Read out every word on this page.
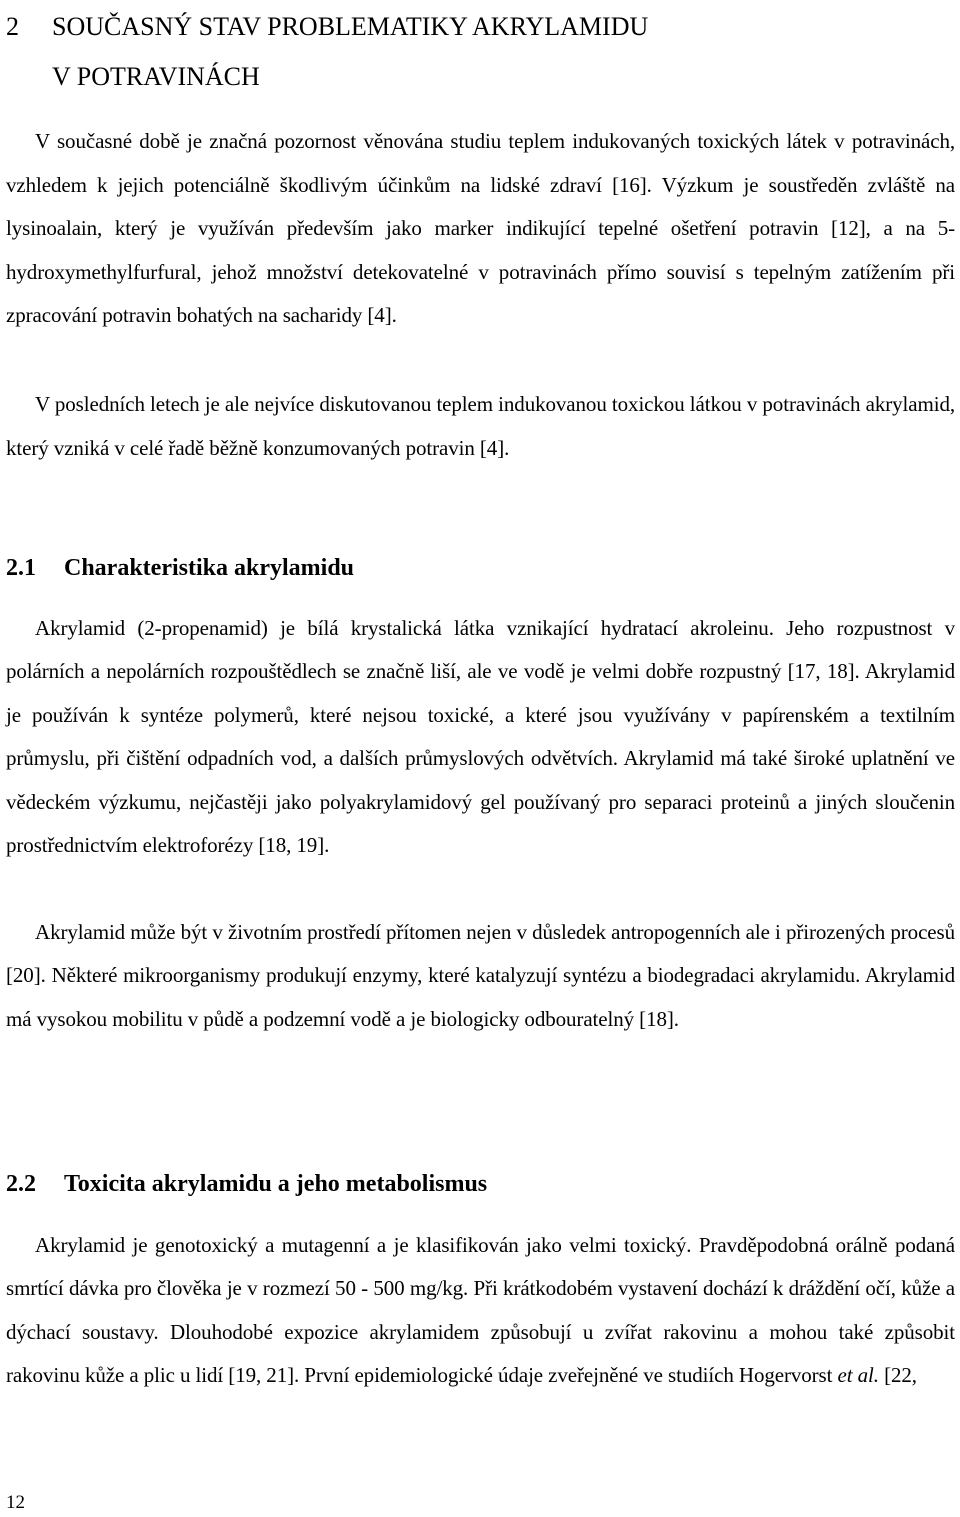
2 SOUČASNÝ STAV PROBLEMATIKY AKRYLAMIDU
V POTRAVINÁCH

V současné době je značná pozornost věnována studiu teplem indukovaných toxických látek v potravinách, vzhledem k jejich potenciálně škodlivým účinkům na lidské zdraví [16]. Výzkum je soustředěn zvláště na lysinoalain, který je využíván především jako marker indikující tepelné ošetření potravin [12], a na 5-hydroxymethylfurfural, jehož množství detekovatelné v potravinách přímo souvisí s tepelným zatížením při zpracování potravin bohatých na sacharidy [4].

V posledních letech je ale nejvíce diskutovanou teplem indukovanou toxickou látkou v potravinách akrylamid, který vzniká v celé řadě běžně konzumovaných potravin [4].

2.1 Charakteristika akrylamidu

Akrylamid (2-propenamid) je bílá krystalická látka vznikající hydratací akroleinu. Jeho rozpustnost v polárních a nepolárních rozpouštědlech se značně liší, ale ve vodě je velmi dobře rozpustný [17, 18]. Akrylamid je používán k syntéze polymerů, které nejsou toxické, a které jsou využívány v papírenském a textilním průmyslu, při čištění odpadních vod, a dalších průmyslových odvětvích. Akrylamid má také široké uplatnění ve vědeckém výzkumu, nejčastěji jako polyakrylamidový gel používaný pro separaci proteinů a jiných sloučenin prostřednictvím elektroforézy [18, 19].

Akrylamid může být v životním prostředí přítomen nejen v důsledek antropogenních ale i přirozených procesů [20]. Některé mikroorganismy produkují enzymy, které katalyzují syntézu a biodegradaci akrylamidu. Akrylamid má vysokou mobilitu v půdě a podzemní vodě a je biologicky odbouratelný [18].

2.2 Toxicita akrylamidu a jeho metabolismus

Akrylamid je genotoxický a mutagenní a je klasifikován jako velmi toxický. Pravděpodobná orálně podaná smrtící dávka pro člověka je v rozmezí 50 - 500 mg/kg. Při krátkodobém vystavení dochází k dráždění očí, kůže a dýchací soustavy. Dlouhodobé expozice akrylamidem způsobují u zvířat rakovinu a mohou také způsobit rakovinu kůže a plic u lidí [19, 21]. První epidemiologické údaje zveřejněné ve studiích Hogervorst et al. [22,

12
